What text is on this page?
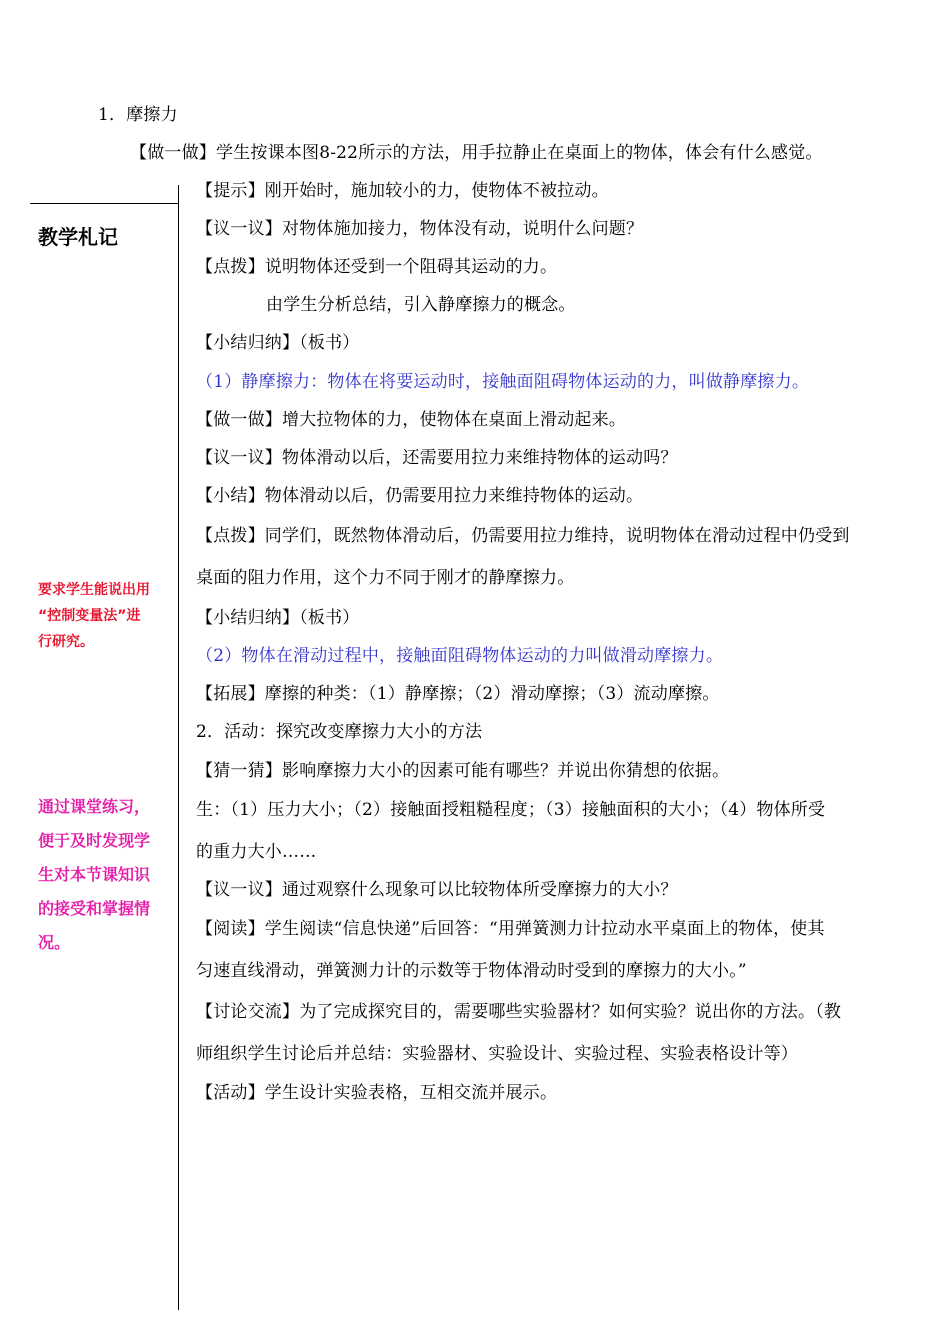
1．摩擦力
【做一做】学生按课本图8-22所示的方法，用手拉静止在桌面上的物体，体会有什么感觉。
【提示】刚开始时，施加较小的力，使物体不被拉动。
【议一议】对物体施加接力，物体没有动，说明什么问题？
【点拨】说明物体还受到一个阻碍其运动的力。
由学生分析总结，引入静摩擦力的概念。
【小结归纳】（板书）
（1）静摩擦力：物体在将要运动时，接触面阻碍物体运动的力，叫做静摩擦力。
【做一做】增大拉物体的力，使物体在桌面上滑动起来。
【议一议】物体滑动以后，还需要用拉力来维持物体的运动吗？
【小结】物体滑动以后，仍需要用拉力来维持物体的运动。
【点拨】同学们，既然物体滑动后，仍需要用拉力维持，说明物体在滑动过程中仍受到
桌面的阻力作用，这个力不同于刚才的静摩擦力。
【小结归纳】（板书）
（2）物体在滑动过程中，接触面阻碍物体运动的力叫做滑动摩擦力。
【拓展】摩擦的种类：（1）静摩擦；（2）滑动摩擦；（3）流动摩擦。
2．活动：探究改变摩擦力大小的方法
【猜一猜】影响摩擦力大小的因素可能有哪些？并说出你猜想的依据。
生：（1）压力大小；（2）接触面授粗糙程度；（3）接触面积的大小；（4）物体所受
的重力大小……
【议一议】通过观察什么现象可以比较物体所受摩擦力的大小？
【阅读】学生阅读“信息快递”后回答：“用弹簧测力计拉动水平桌面上的物体，使其
匀速直线滑动，弹簧测力计的示数等于物体滑动时受到的摩擦力的大小。”
【讨论交流】为了完成探究目的，需要哪些实验器材？如何实验？说出你的方法。（教
师组织学生讨论后并总结：实验器材、实验设计、实验过程、实验表格设计等）
【活动】学生设计实验表格，互相交流并展示。
教学札记
要求学生能说出用
“控制变量法”进
行研究。
通过课堂练习，
便于及时发现学
生对本节课知识
的接受和掌握情
况。
